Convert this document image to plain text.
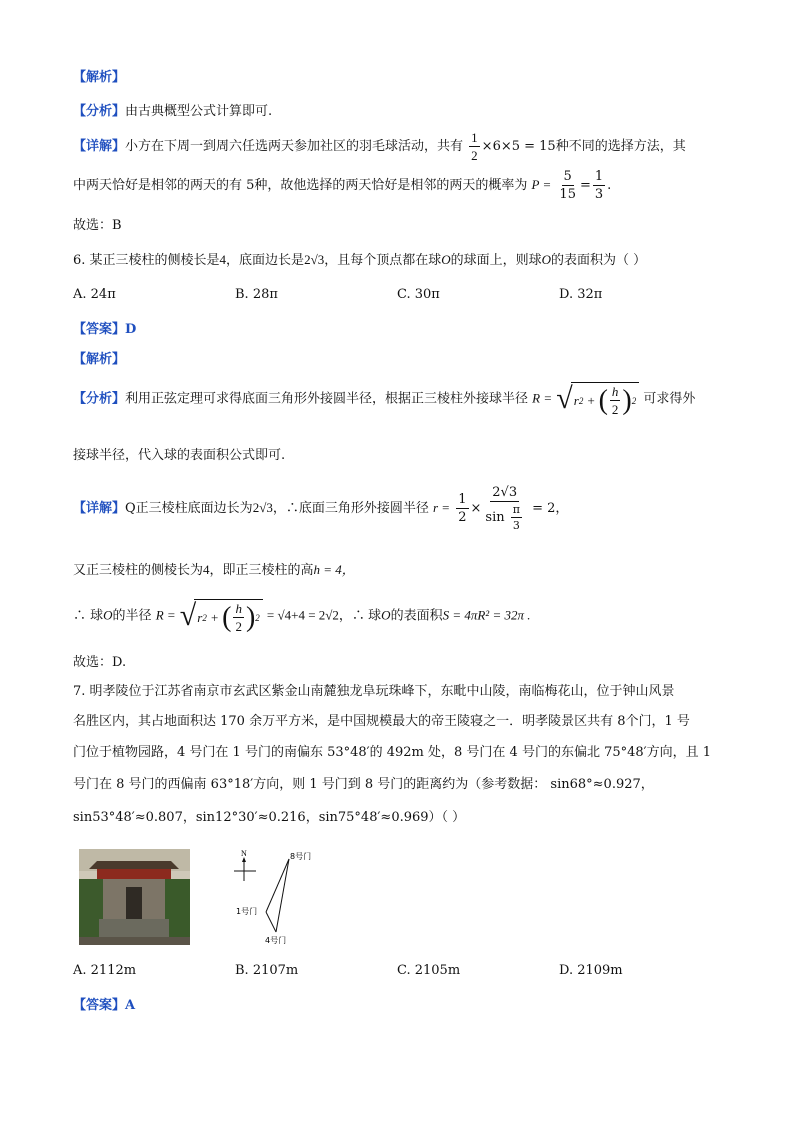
【解析】
【分析】由古典概型公式计算即可.
【详解】小方在下周一到周六任选两天参加社区的羽毛球活动，共有 $\frac{1}{2} \times 6\times 5 = 15$种不同的选择方法，其
中两天恰好是相邻的两天的有 5种，故他选择的两天恰好是相邻的两天的概率为 $P = \frac{5}{15} = \frac{1}{3}$ .
故选：B
6. 某正三棱柱的侧棱长是4，底面边长是2√3，且每个顶点都在球O的球面上，则球O的表面积为（ ）
A. 24π	B. 28π	C. 30π	D. 32π
【答案】D
【解析】
【分析】利用正弦定理可求得底面三角形外接圆半径，根据正三棱柱外接球半径 R = √ r 2 + ( $\frac{h}{2}$ ) 2 可求得外
接球半径，代入球的表面积公式即可.
【详解】Q正三棱柱底面边长为2√3，∴底面三角形外接圆半径 $r = \frac{1}{2} \times \frac{2√3}{\sin \frac{\pi}{3}} = 2$，
又正三棱柱的侧棱长为4，即正三棱柱的高h = 4，
∴ 球O的半径 R = √ r 2 + ( $\frac{h}{2}$ ) 2 = √4+4 = 2√2，∴ 球O的表面积S = 4πR² = 32π .
故选：D.
7. 明孝陵位于江苏省南京市玄武区紫金山南麓独龙阜玩珠峰下，东毗中山陵，南临梅花山，位于钟山风景
名胜区内，其占地面积达 170 余万平方米，是中国规模最大的帝王陵寝之一．明孝陵景区共有 8个门，1 号
门位于植物园路，4 号门在 1 号门的南偏东 53°48′的 492m 处，8 号门在 4 号门的东偏北 75°48′方向，且 1
号门在 8 号门的西偏南 63°18′方向，则 1 号门到 8 号门的距离约为（参考数据： sin68°≈0.927，
sin53°48′≈0.807，sin12°30′≈0.216，sin75°48′≈0.969）（ ）
N	8号门
1号门
4号门
A. 2112m	B. 2107m	C. 2105m	D. 2109m
【答案】A
